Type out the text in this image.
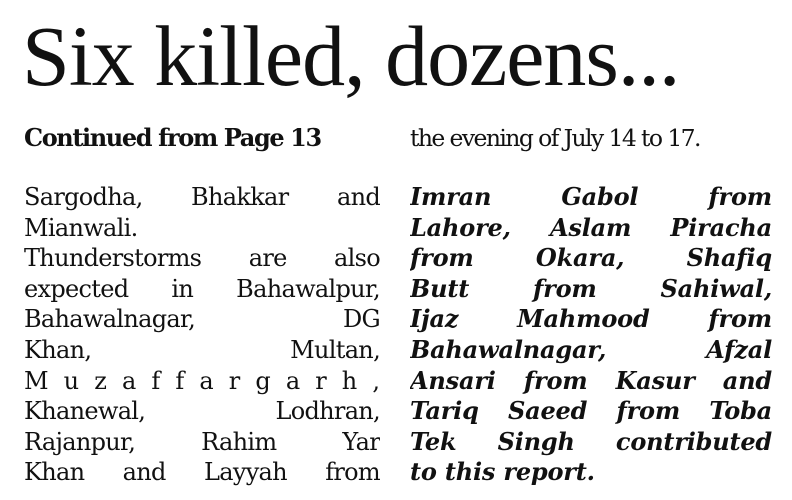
Six killed, dozens...

Continued from Page 13

Sargodha, Bhakkar and
Mianwali.
Thunderstorms are also
expected in Bahawalpur,
Bahawalnagar, DG
Khan, Multan,
M u z a f f a r g a r h ,
Khanewal, Lodhran,
Rajanpur, Rahim Yar
Khan and Layyah from

the evening of July 14 to 17.

Imran Gabol from
Lahore, Aslam Piracha
from Okara, Shafiq
Butt from Sahiwal,
Ijaz Mahmood from
Bahawalnagar, Afzal
Ansari from Kasur and
Tariq Saeed from Toba
Tek Singh contributed
to this report.
